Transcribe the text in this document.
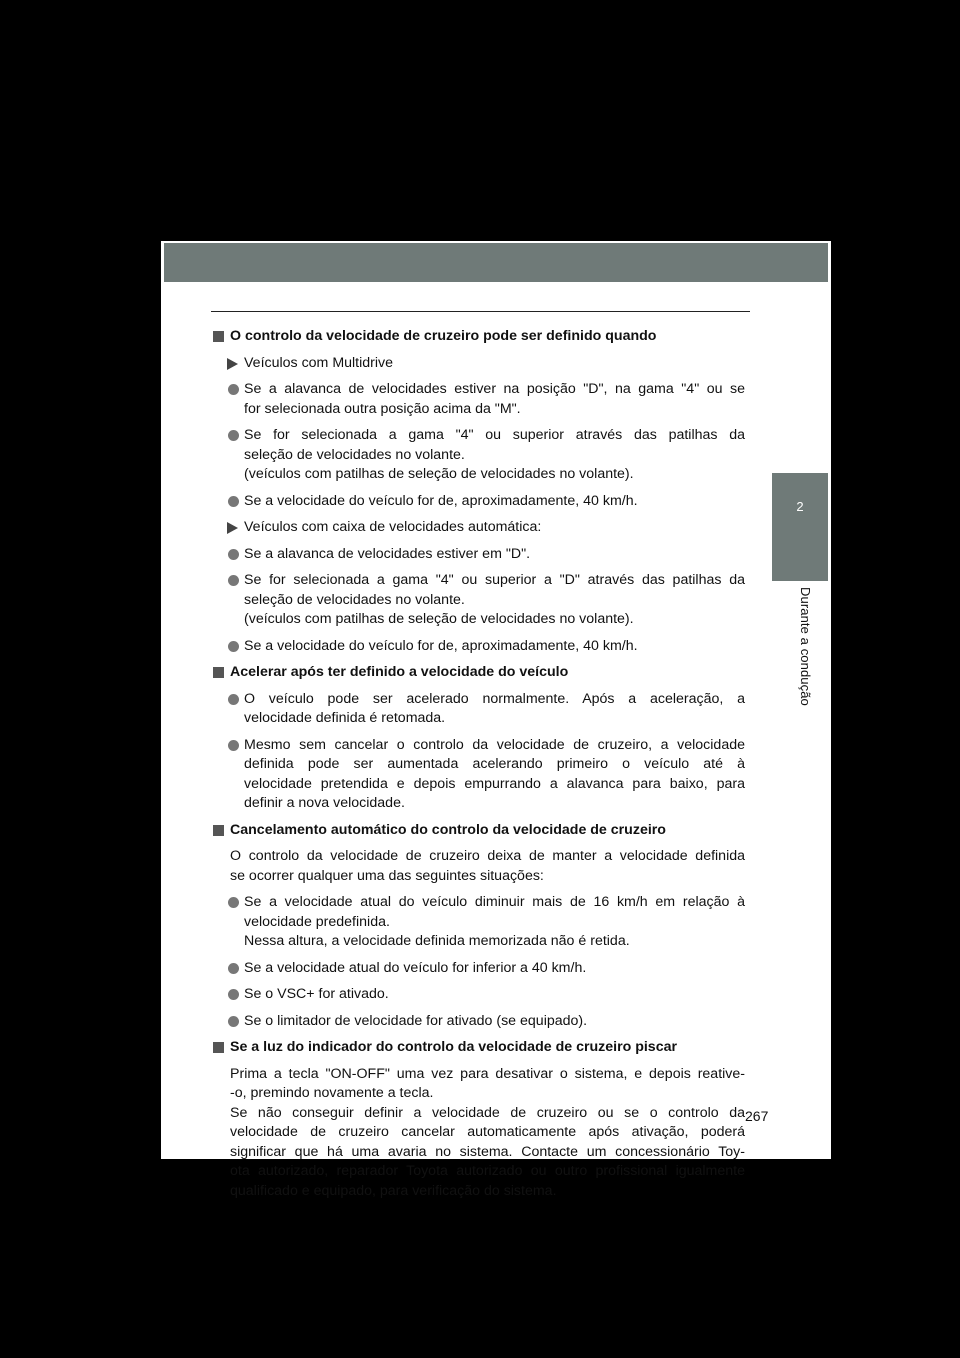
2
Durante a condução
O controlo da velocidade de cruzeiro pode ser definido quando
Veículos com Multidrive
Se a alavanca de velocidades estiver na posição "D", na gama "4" ou se
for selecionada outra posição acima da "M".
Se for selecionada a gama "4" ou superior através das patilhas da
seleção de velocidades no volante.
(veículos com patilhas de seleção de velocidades no volante).
Se a velocidade do veículo for de, aproximadamente, 40 km/h.
Veículos com caixa de velocidades automática:
Se a alavanca de velocidades estiver em "D".
Se for selecionada a gama "4" ou superior a "D" através das patilhas da
seleção de velocidades no volante.
(veículos com patilhas de seleção de velocidades no volante).
Se a velocidade do veículo for de, aproximadamente, 40 km/h.
Acelerar após ter definido a velocidade do veículo
O veículo pode ser acelerado normalmente. Após a aceleração, a
velocidade definida é retomada.
Mesmo sem cancelar o controlo da velocidade de cruzeiro, a velocidade
definida pode ser aumentada acelerando primeiro o veículo até à
velocidade pretendida e depois empurrando a alavanca para baixo, para
definir a nova velocidade.
Cancelamento automático do controlo da velocidade de cruzeiro
O controlo da velocidade de cruzeiro deixa de manter a velocidade definida
se ocorrer qualquer uma das seguintes situações:
Se a velocidade atual do veículo diminuir mais de 16 km/h em relação à
velocidade predefinida.
Nessa altura, a velocidade definida memorizada não é retida.
Se a velocidade atual do veículo for inferior a 40 km/h.
Se o VSC+ for ativado.
Se o limitador de velocidade for ativado (se equipado).
Se a luz do indicador do controlo da velocidade de cruzeiro piscar
Prima a tecla "ON-OFF" uma vez para desativar o sistema, e depois reative-
-o, premindo novamente a tecla.
Se não conseguir definir a velocidade de cruzeiro ou se o controlo da
velocidade de cruzeiro cancelar automaticamente após ativação, poderá
significar que há uma avaria no sistema. Contacte um concessionário Toy-
ota autorizado, reparador Toyota autorizado ou outro profissional igualmente
qualificado e equipado, para verificação do sistema.
267
